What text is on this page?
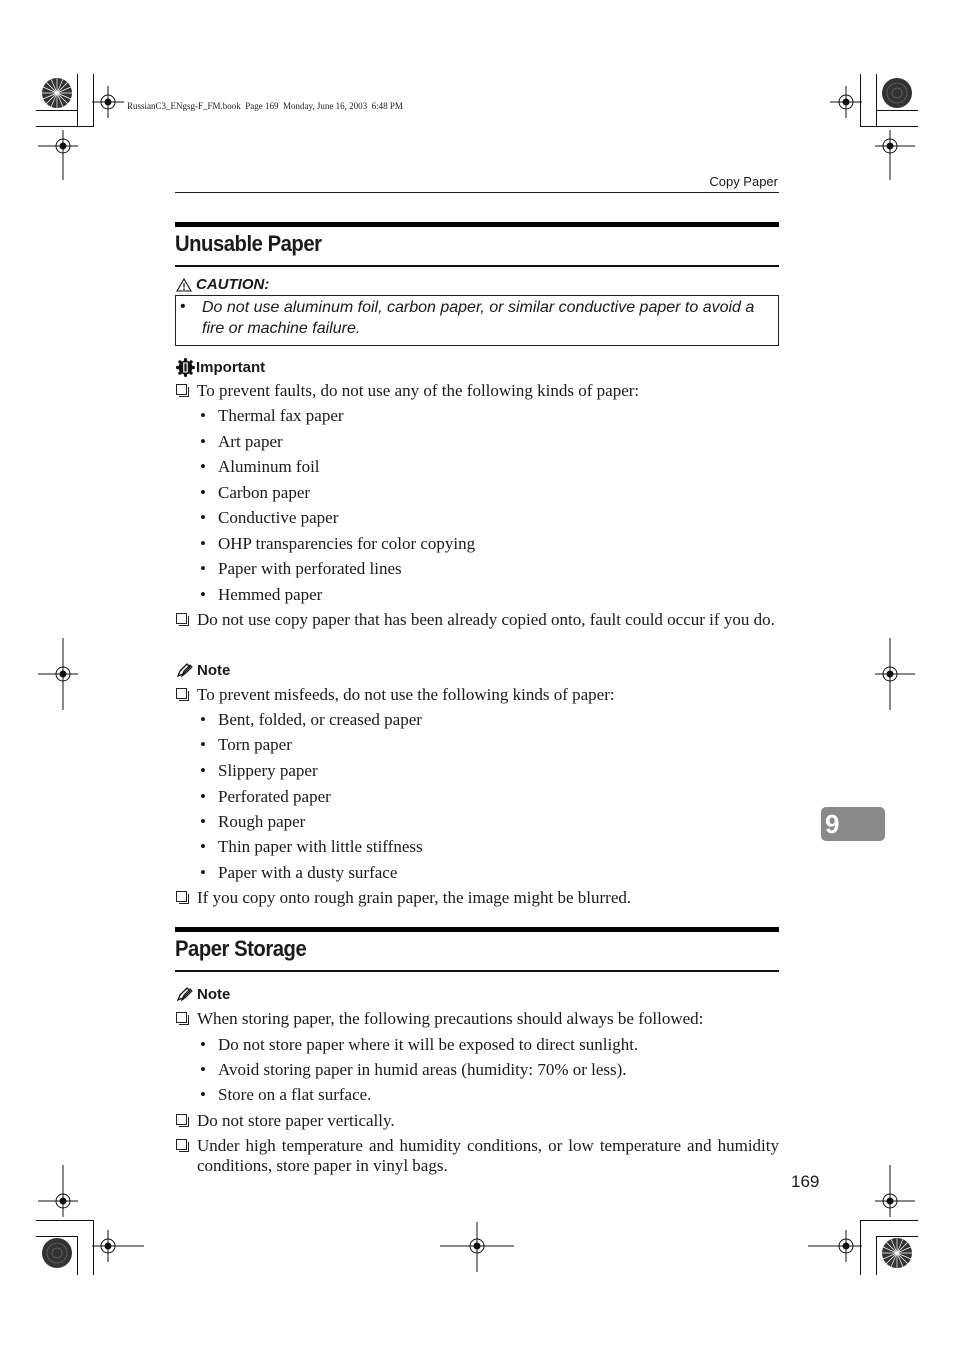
RussianC3_ENgsg-F_FM.book  Page 169  Monday, June 16, 2003  6:48 PM
Copy Paper
Unusable Paper
CAUTION:
• Do not use aluminum foil, carbon paper, or similar conductive paper to avoid a fire or machine failure.
Important
To prevent faults, do not use any of the following kinds of paper:
• Thermal fax paper
• Art paper
• Aluminum foil
• Carbon paper
• Conductive paper
• OHP transparencies for color copying
• Paper with perforated lines
• Hemmed paper
Do not use copy paper that has been already copied onto, fault could occur if you do.
Note
To prevent misfeeds, do not use the following kinds of paper:
• Bent, folded, or creased paper
• Torn paper
• Slippery paper
• Perforated paper
• Rough paper
• Thin paper with little stiffness
• Paper with a dusty surface
If you copy onto rough grain paper, the image might be blurred.
Paper Storage
Note
When storing paper, the following precautions should always be followed:
• Do not store paper where it will be exposed to direct sunlight.
• Avoid storing paper in humid areas (humidity: 70% or less).
• Store on a flat surface.
Do not store paper vertically.
Under high temperature and humidity conditions, or low temperature and humidity conditions, store paper in vinyl bags.
9
169
